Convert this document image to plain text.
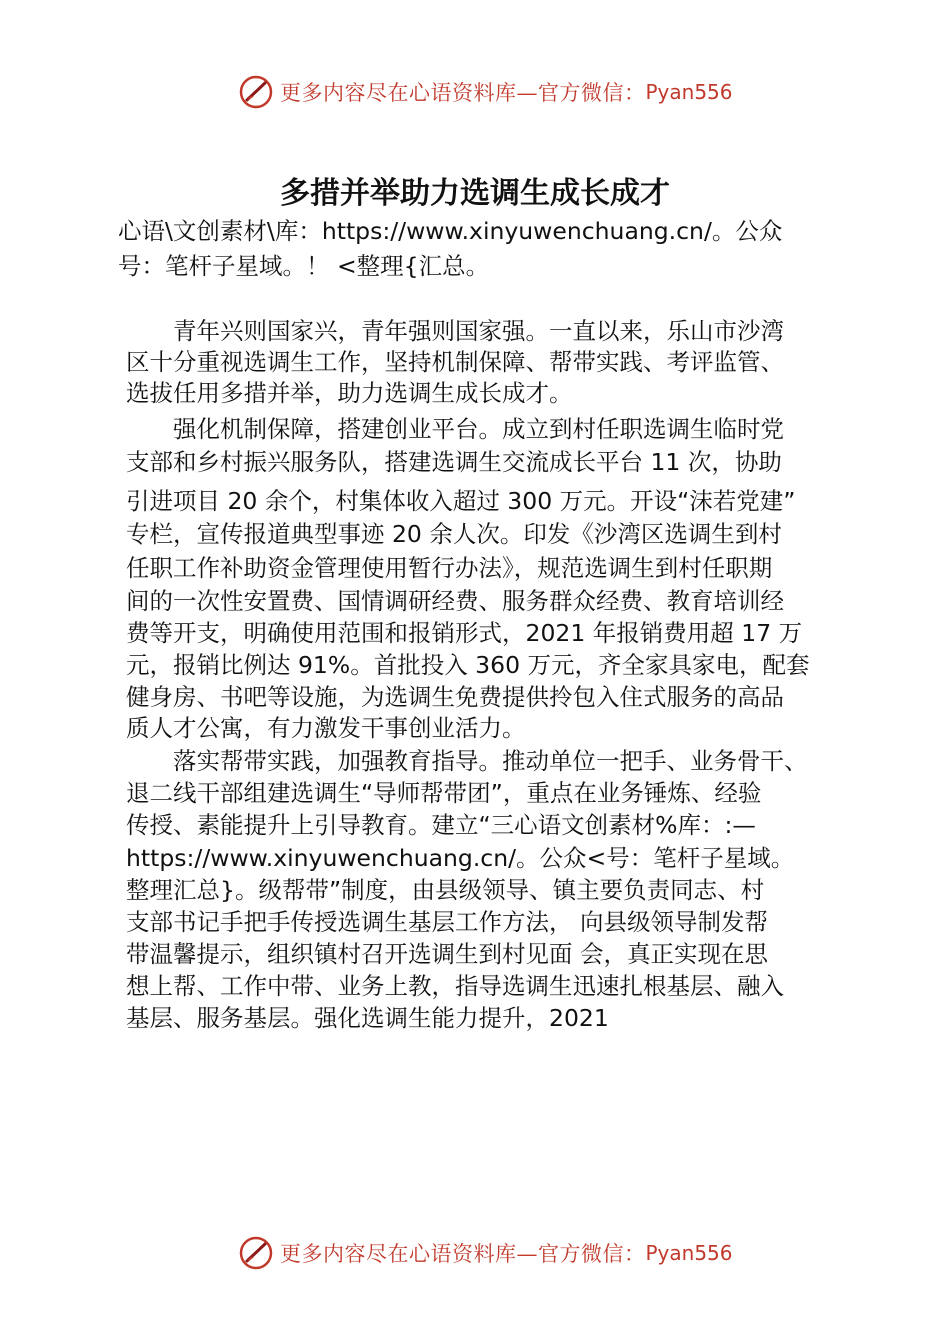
更多内容尽在心语资料库—官方微信： Pyan556
多措并举助力选调生成长成才

心语\文创素材\库：https://www.xinyuwenchuang.cn/。公众

号：笔杆子星域。！ <整理{汇总。

　　青年兴则国家兴，青年强则国家强。一直以来，乐山市沙湾

区十分重视选调生工作，坚持机制保障、帮带实践、考评监管、

选拔任用多措并举，助力选调生成长成才。

　　强化机制保障，搭建创业平台。成立到村任职选调生临时党

支部和乡村振兴服务队，搭建选调生交流成长平台 11 次，协助

引进项目 20 余个，村集体收入超过 300 万元。开设“沫若党建”

专栏，宣传报道典型事迹 20 余人次。印发《沙湾区选调生到村

任职工作补助资金管理使用暂行办法》，规范选调生到村任职期

间的一次性安置费、国情调研经费、服务群众经费、教育培训经

费等开支，明确使用范围和报销形式，2021 年报销费用超 17 万

元，报销比例达 91%。首批投入 360 万元，齐全家具家电，配套

健身房、书吧等设施，为选调生免费提供拎包入住式服务的高品

质人才公寓，有力激发干事创业活力。

　　落实帮带实践，加强教育指导。推动单位一把手、业务骨干、

退二线干部组建选调生“导师帮带团”，重点在业务锤炼、经验

传授、素能提升上引导教育。建立“三心语文创素材%库：:—

https://www.xinyuwenchuang.cn/。公众<号：笔杆子星域。

整理汇总}。级帮带”制度，由县级领导、镇主要负责同志、村

支部书记手把手传授选调生基层工作方法， 向县级领导制发帮

带温馨提示，组织镇村召开选调生到村见面 会，真正实现在思

想上帮、工作中带、业务上教，指导选调生迅速扎根基层、融入

基层、服务基层。强化选调生能力提升，2021

更多内容尽在心语资料库—官方微信： Pyan556
